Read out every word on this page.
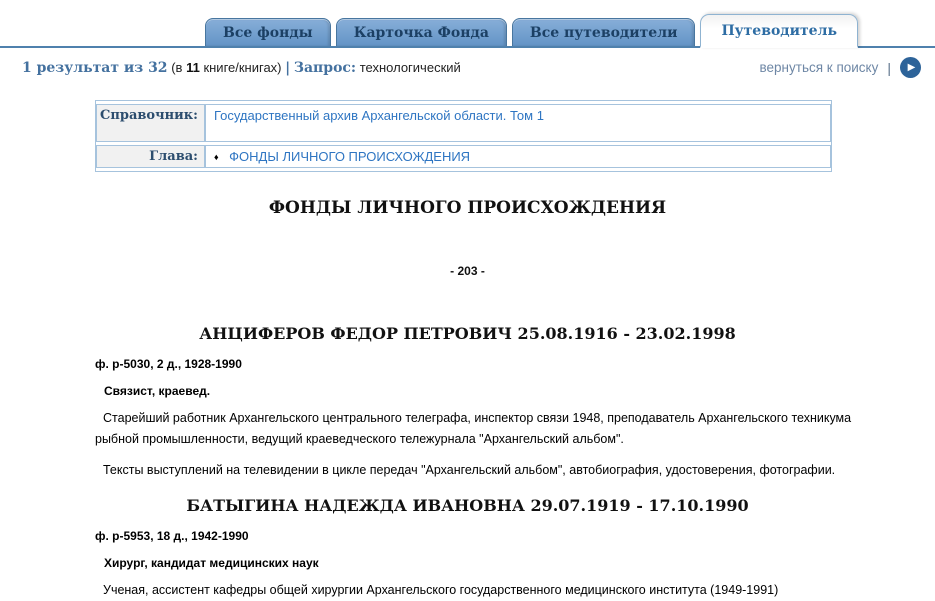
Все фонды	Карточка Фонда	Все путеводители	Путеводитель
1 результат из 32 (в 11 книге/книгах) | Запрос: технологический	вернуться к поиску |	▶
Справочник:	Государственный архив Архангельской области. Том 1
Глава:	♦ ФОНДЫ ЛИЧНОГО ПРОИСХОЖДЕНИЯ
ФОНДЫ ЛИЧНОГО ПРОИСХОЖДЕНИЯ
- 203 -
АНЦИФЕРОВ ФЕДОР ПЕТРОВИЧ 25.08.1916 - 23.02.1998
ф. р-5030, 2 д., 1928-1990
Связист, краевед.

Старейший работник Архангельского центрального телеграфа, инспектор связи 1948, преподаватель Архангельского техникума рыбной промышленности, ведущий краеведческого тележурнала "Архангельский альбом".

Тексты выступлений на телевидении в цикле передач "Архангельский альбом", автобиография, удостоверения, фотографии.

БАТЫГИНА НАДЕЖДА ИВАНОВНА 29.07.1919 - 17.10.1990
ф. р-5953, 18 д., 1942-1990
Хирург, кандидат медицинских наук

Ученая, ассистент кафедры общей хирургии Архангельского государственного медицинского института (1949-1991)
